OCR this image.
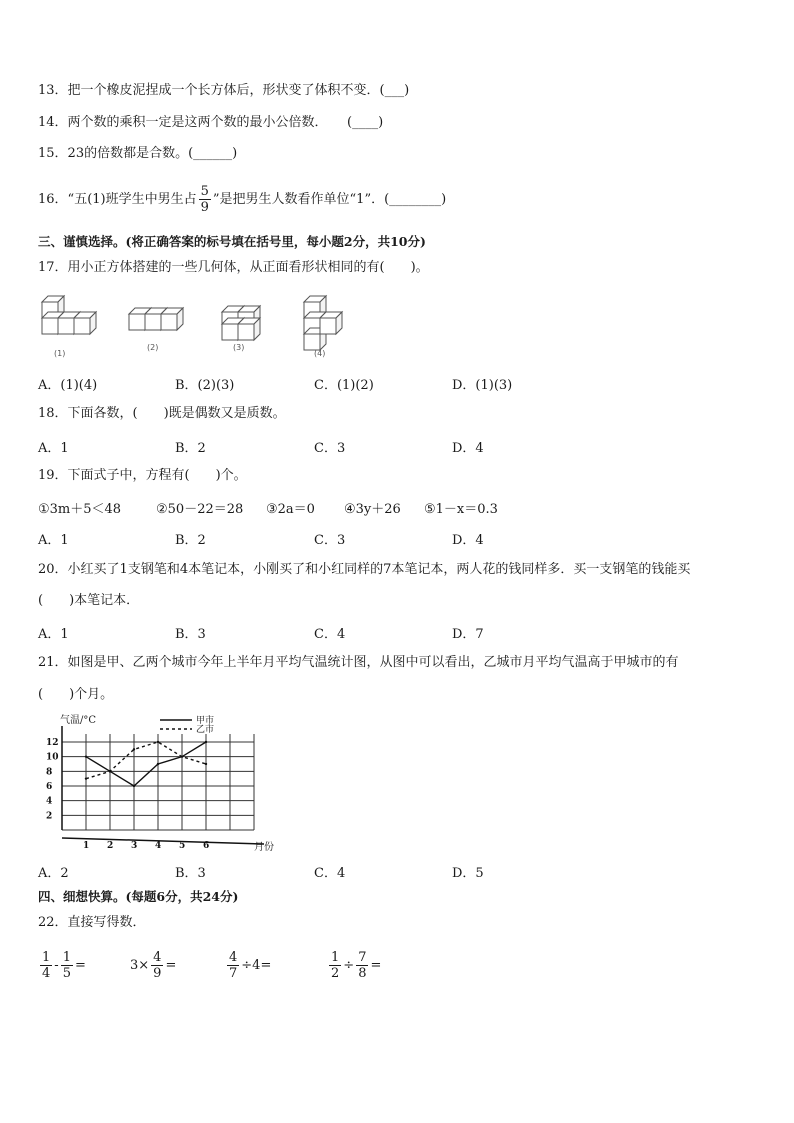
13．把一个橡皮泥捏成一个长方体后，形状变了体积不变．(___)
14．两个数的乘积一定是这两个数的最小公倍数．　　(____)
15．23的倍数都是合数。(______)
16．“五(1)班学生中男生占 $\frac{5}{9}$ ”是把男生人数看作单位“1”．(________)
三、谨慎选择。(将正确答案的标号填在括号里，每小题2分，共10分)
17．用小正方体搭建的一些几何体，从正面看形状相同的有(　　)。
(1)
(2)	(3)
(4)
A．(1)(4)	B．(2)(3)	C．(1)(2)	D．(1)(3)
18．下面各数，(　　)既是偶数又是质数。
A．1	B．2	C．3	D．4
19．下面式子中，方程有(　　)个。
①3m＋5＜48	②50－22＝28 ③2a＝0 ④3y＋26 ⑤1－x＝0.3
A．1	B．2	C．3	D．4
20．小红买了1支钢笔和4本笔记本，小刚买了和小红同样的7本笔记本，两人花的钱同样多．买一支钢笔的钱能买
(　　)本笔记本．
A．1	B．3	C．4	D．7
21．如图是甲、乙两个城市今年上半年月平均气温统计图，从图中可以看出，乙城市月平均气温高于甲城市的有
(　　)个月。
气温/°C
月份
2
4
6
8
10
12
1 2 3 4 5 6
甲市
乙市
A．2	B．3	C．4	D．5
四、细想快算。(每题6分，共24分)
22．直接写得数．
$\frac{1}{4} - \frac{1}{5}$ =	$3\times \frac{4}{9}$ =	$\frac{4}{7} \div 4=$	$\frac{1}{2} \div \frac{7}{8}$ =
